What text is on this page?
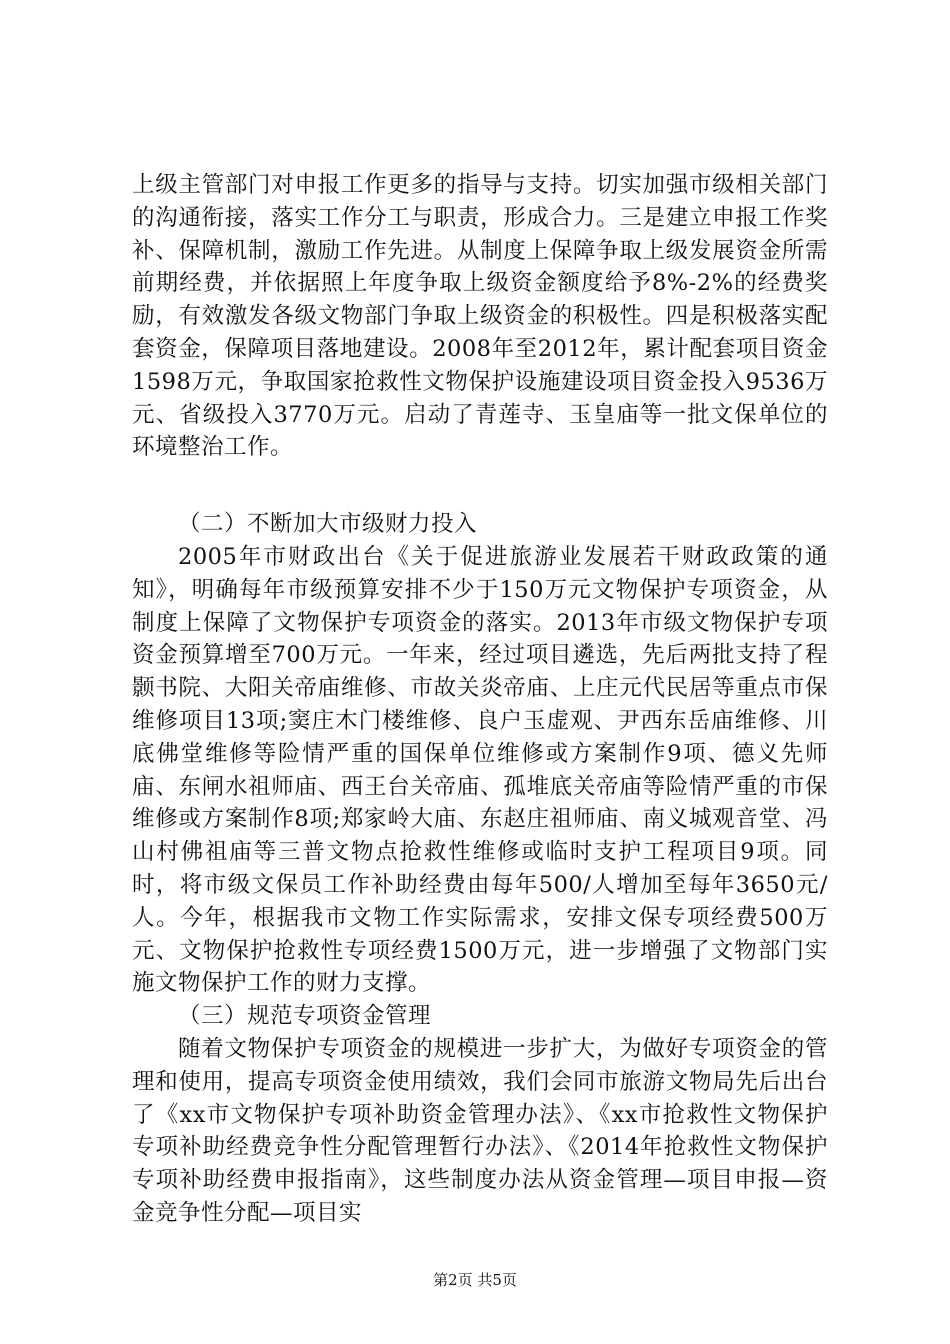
上级主管部门对申报工作更多的指导与支持。切实加强市级相关部门的沟通衔接，落实工作分工与职责，形成合力。三是建立申报工作奖补、保障机制，激励工作先进。从制度上保障争取上级发展资金所需前期经费，并依据照上年度争取上级资金额度给予8%-2%的经费奖励，有效激发各级文物部门争取上级资金的积极性。四是积极落实配套资金，保障项目落地建设。2008年至2012年，累计配套项目资金1598万元，争取国家抢救性文物保护设施建设项目资金投入9536万元、省级投入3770万元。启动了青莲寺、玉皇庙等一批文保单位的环境整治工作。

（二）不断加大市级财力投入

2005年市财政出台《关于促进旅游业发展若干财政政策的通知》，明确每年市级预算安排不少于150万元文物保护专项资金，从制度上保障了文物保护专项资金的落实。2013年市级文物保护专项资金预算增至700万元。一年来，经过项目遴选，先后两批支持了程颢书院、大阳关帝庙维修、市故关炎帝庙、上庄元代民居等重点市保维修项目13项;窦庄木门楼维修、良户玉虚观、尹西东岳庙维修、川底佛堂维修等险情严重的国保单位维修或方案制作9项、德义先师庙、东闸水祖师庙、西王台关帝庙、孤堆底关帝庙等险情严重的市保维修或方案制作8项;郑家岭大庙、东赵庄祖师庙、南义城观音堂、冯山村佛祖庙等三普文物点抢救性维修或临时支护工程项目9项。同时，将市级文保员工作补助经费由每年500/人增加至每年3650元/人。今年，根据我市文物工作实际需求，安排文保专项经费500万元、文物保护抢救性专项经费1500万元，进一步增强了文物部门实施文物保护工作的财力支撑。

（三）规范专项资金管理

随着文物保护专项资金的规模进一步扩大，为做好专项资金的管理和使用，提高专项资金使用绩效，我们会同市旅游文物局先后出台了《xx市文物保护专项补助资金管理办法》、《xx市抢救性文物保护专项补助经费竞争性分配管理暂行办法》、《2014年抢救性文物保护专项补助经费申报指南》，这些制度办法从资金管理—项目申报—资金竞争性分配—项目实

第2页 共5页
